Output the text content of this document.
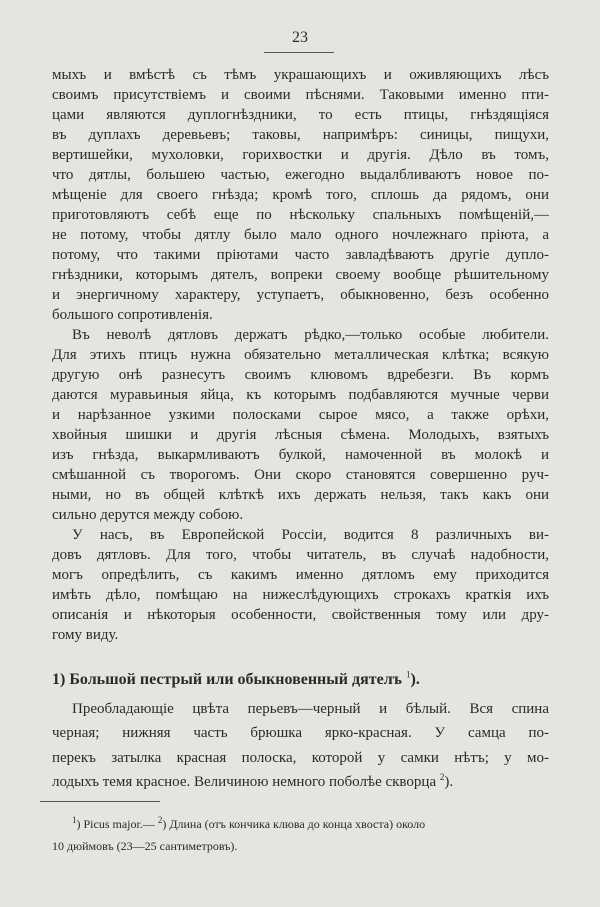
23
мыхъ и вмѣстѣ съ тѣмъ украшающихъ и оживляющихъ лѣсъ
своимъ присутствіемъ и своими пѣснями. Таковыми именно пти-
цами являются дуплогнѣздники, то есть птицы, гнѣздящіяся
въ дуплахъ деревьевъ; таковы, напримѣръ: синицы, пищухи,
вертишейки, мухоловки, горихвостки и другія. Дѣло въ томъ,
что дятлы, большею частью, ежегодно выдалбливаютъ новое по-
мѣщеніе для своего гнѣзда; кромѣ того, сплошь да рядомъ, они
приготовляютъ себѣ еще по нѣскольку спальныхъ помѣщеній,—
не потому, чтобы дятлу было мало одного ночлежнаго пріюта, а
потому, что такими пріютами часто завладѣваютъ другіе дупло-
гнѣздники, которымъ дятелъ, вопреки своему вообще рѣшительному
и энергичному характеру, уступаетъ, обыкновенно, безъ особенно
большого сопротивленія.
Въ неволѣ дятловъ держатъ рѣдко,—только особые любители.
Для этихъ птицъ нужна обязательно металлическая клѣтка; всякую
другую онѣ разнесутъ своимъ клювомъ вдребезги. Въ кормъ
даются муравьиныя яйца, къ которымъ подбавляются мучные черви
и нарѣзанное узкими полосками сырое мясо, а также орѣхи,
хвойныя шишки и другія лѣсныя сѣмена. Молодыхъ, взятыхъ
изъ гнѣзда, выкармливаютъ булкой, намоченной въ молокѣ и
смѣшанной съ творогомъ. Они скоро становятся совершенно руч-
ными, но въ общей клѣткѣ ихъ держать нельзя, такъ какъ они
сильно дерутся между собою.
У насъ, въ Европейской Россіи, водится 8 различныхъ ви-
довъ дятловъ. Для того, чтобы читатель, въ случаѣ надобности,
могъ опредѣлить, съ какимъ именно дятломъ ему приходится
имѣть дѣло, помѣщаю на нижеслѣдующихъ строкахъ краткія ихъ
описанія и нѣкоторыя особенности, свойственныя тому или дру-
гому виду.
1) Большой пестрый или обыкновенный дятелъ $^1$).
Преобладающіе цвѣта перьевъ—черный и бѣлый. Вся спина
черная; нижняя часть брюшка ярко-красная. У самца по-
перекъ затылка красная полоска, которой у самки нѣтъ; у мо-
лодыхъ темя красное. Величиною немного поболѣе скворца $^2$).
$^1$) Picus major.— $^2$) Длина (отъ кончика клюва до конца хвоста) около
10 дюймовъ (23—25 сантиметровъ).
